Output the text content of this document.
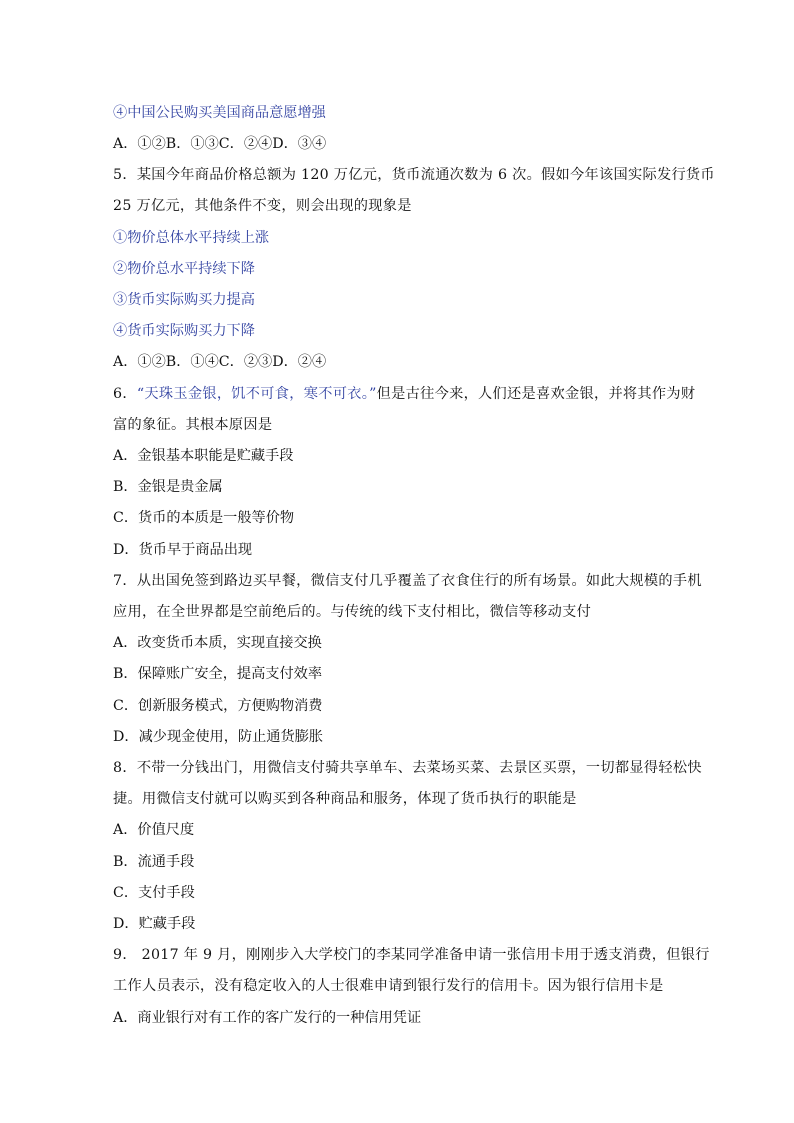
④中国公民购买美国商品意愿增强
A．①②B．①③C．②④D．③④
5．某国今年商品价格总额为 120 万亿元，货币流通次数为 6 次。假如今年该国实际发行货币
25 万亿元，其他条件不变，则会出现的现象是
①物价总体水平持续上涨
②物价总水平持续下降
③货币实际购买力提高
④货币实际购买力下降
A．①②B．①④C．②③D．②④
6．“天珠玉金银，饥不可食，寒不可衣。”但是古往今来，人们还是喜欢金银，并将其作为财
富的象征。其根本原因是
A．金银基本职能是贮藏手段
B．金银是贵金属
C．货币的本质是一般等价物
D．货币早于商品出现
7．从出国免签到路边买早餐，微信支付几乎覆盖了衣食住行的所有场景。如此大规模的手机
应用，在全世界都是空前绝后的。与传统的线下支付相比，微信等移动支付
A．改变货币本质，实现直接交换
B．保障账广安全，提高支付效率
C．创新服务模式，方便购物消费
D．减少现金使用，防止通货膨胀
8．不带一分钱出门，用微信支付骑共享单车、去菜场买菜、去景区买票，一切都显得轻松快
捷。用微信支付就可以购买到各种商品和服务，体现了货币执行的职能是
A．价值尺度
B．流通手段
C．支付手段
D．贮藏手段
9． 2017 年 9 月，刚刚步入大学校门的李某同学准备申请一张信用卡用于透支消费，但银行
工作人员表示，没有稳定收入的人士很难申请到银行发行的信用卡。因为银行信用卡是
A．商业银行对有工作的客广发行的一种信用凭证
